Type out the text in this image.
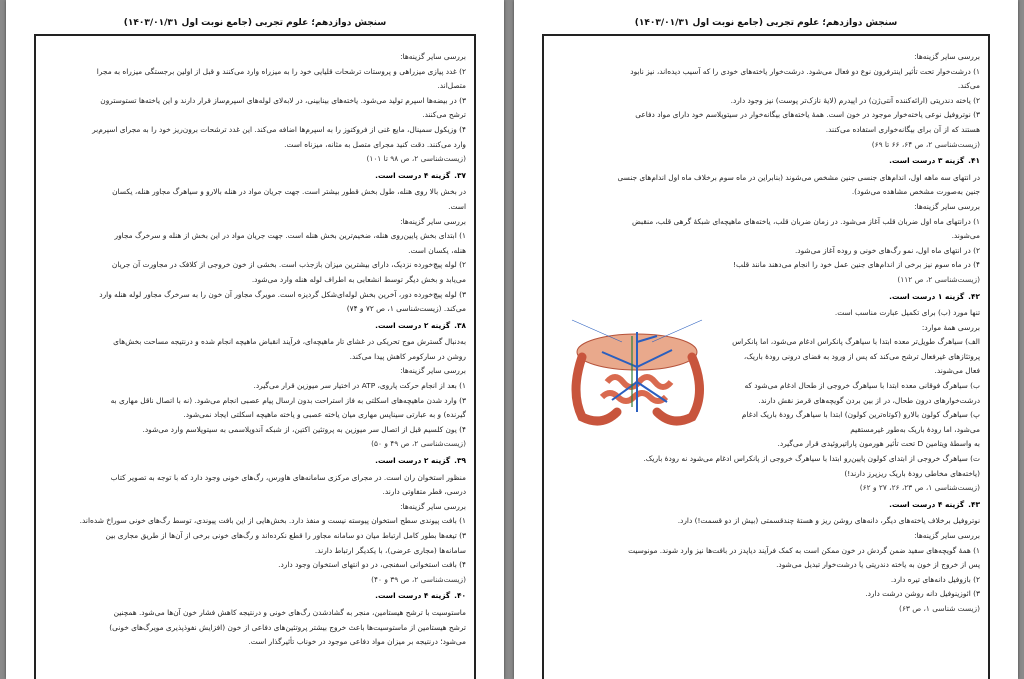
سنجش دوازدهم؛ علوم تجربی (جامع نوبت اول ۱۴۰۳/۰۱/۳۱)

بررسی سایر گزینه‌ها:

۲) غدد پیازی میزراهی و پروستات ترشحات قلیایی خود را به میزراه وارد می‌کنند و قبل از اولین برجستگی میزراه به مجرا

متصل‌اند.

۳) در بیضه‌ها اسپرم تولید می‌شود. یاخته‌های بینابینی، در لابه‌لای لوله‌های اسپرم‌ساز قرار دارند و این یاخته‌ها تستوسترون

ترشح می‌کنند.

۴) وزیکول سمینال، مایع غنی از فروکتوز را به اسپرم‌ها اضافه می‌کند. این غدد ترشحات برون‌ریز خود را به مجرای اسپرم‌بر

وارد می‌کنند. دقت کنید مجرای متصل به مثانه، میزناه است.

(زیست‌شناسی ۲، ص ۹۸ تا ۱۰۱)

۳۷.گزینه ۴ درست است.

در بخش بالا روی هنله، طول بخش قطور بیشتر است. جهت جریان مواد در هنله بالارو و سیاهرگ مجاور هنله، یکسان

است.

بررسی سایر گزینه‌ها:

۱) ابتدای بخش پایین‌روی هنله، ضخیم‌ترین بخش هنله است. جهت جریان مواد در این بخش از هنله و سرخرگ مجاور

هنله، یکسان است.

۲) لوله پیچ‌خورده نزدیک، دارای بیشترین میزان بازجذب است. بخشی از خون خروجی از کلافک در مجاورت آن جریان

می‌یابد و بخش دیگر توسط انشعابی به اطراف لوله هنله وارد می‌شود.

۳) لوله پیچ‌خورده دور، آخرین بخش لوله‌ای‌شکل گردیزه است. مویرگ مجاور آن خون را به سرخرگ مجاور لوله هنله وارد

می‌کند. (زیست‌شناسی ۱، ص ۷۲ و ۷۴)

۳۸.گزینه ۲ درست است.

به‌دنبال گسترش موج تحریکی در غشای تار ماهیچه‌ای، فرآیند انقباض ماهیچه انجام شده و درنتیجه مساحت بخش‌های

روشن در سارکومر کاهش پیدا می‌کند.

بررسی سایر گزینه‌ها:

۱) بعد از انجام حرکت پاروی، ATP در اختیار سر میوزین قرار می‌گیرد.

۳) وارد شدن ماهیچه‌های اسکلتی به فاز استراحت بدون ارسال پیام عصبی انجام می‌شود. (نه با اتصال ناقل مهاری به

گیرنده) و به عبارتی سیناپس مهاری میان یاخته عصبی و یاخته ماهیچه اسکلتی ایجاد نمی‌شود.

۴) یون کلسیم قبل از اتصال سر میوزین به پروتئین اکتین، از شبکه آندوپلاسمی به سیتوپلاسم وارد می‌شود.

(زیست‌شناسی ۲، ص ۴۹ و ۵۰)

۳۹.گزینه ۲ درست است.

منظور استخوان ران است. در مجرای مرکزی سامانه‌های هاورس، رگ‌های خونی وجود دارد که با توجه به تصویر کتاب

درسی، قطر متفاوتی دارند.

بررسی سایر گزینه‌ها:

۱) بافت پیوندی سطح استخوان پیوسته نیست و منفذ دارد. بخش‌هایی از این بافت پیوندی، توسط رگ‌های خونی سوراخ شده‌اند.

۳) تیغه‌ها بطور کامل ارتباط میان دو سامانه مجاور را قطع نکرده‌اند و رگ‌های خونی برخی از آن‌ها از طریق مجاری بین

سامانه‌ها (مجاری عرضی)، با یکدیگر ارتباط دارند.

۴) بافت استخوانی اسفنجی، در دو انتهای استخوان وجود دارد.

(زیست‌شناسی ۲، ص ۳۹ و ۴۰)

۴۰.گزینه ۴ درست است.

ماستوسیت با ترشح هیستامین، منجر به گشادشدن رگ‌های خونی و درنتیجه کاهش فشار خون آن‌ها می‌شود. همچنین

ترشح هیستامین از ماستوسیت‌ها باعث خروج بیشتر پروتئین‌های دفاعی از خون (افزایش نفوذپذیری مویرگ‌های خونی)

می‌شود؛ درنتیجه بر میزان مواد دفاعی موجود در خوناب تأثیرگذار است.

سنجش دوازدهم؛ علوم تجربی (جامع نوبت اول ۱۴۰۳/۰۱/۳۱)

بررسی سایر گزینه‌ها:

۱) درشت‌خوار تحت تأثیر اینترفرون نوع دو فعال می‌شود. درشت‌خوار یاخته‌های خودی را که آسیب دیده‌اند، نیز نابود

می‌کند.

۲) یاخته دندریتی (ارائه‌کننده آنتی‌ژن) در اپیدرم (لایۀ نازک‌تر پوست) نیز وجود دارد.

۳) نوتروفیل نوعی یاخته‌خوار موجود در خون است. همۀ یاخته‌های بیگانه‌خوار در سیتوپلاسم خود دارای مواد دفاعی

هستند که از آن برای بیگانه‌خواری استفاده می‌کنند.

(زیست‌شناسی ۲، ص ۶۴، ۶۶ تا ۶۹)

۴۱.گزینه ۳ درست است.

در انتهای سه ماهه اول، اندام‌های جنسی جنین مشخص می‌شوند (بنابراین در ماه سوم برخلاف ماه اول اندام‌های جنسی

جنین به‌صورت مشخص مشاهده می‌شود).

بررسی سایر گزینه‌ها:

۱) درانتهای ماه اول ضربان قلب آغاز می‌شود. در زمان ضربان قلب، یاخته‌های ماهیچه‌ای شبکۀ گرهی قلب، منقبض

می‌شوند.

۲) در انتهای ماه اول، نمو رگ‌های خونی و روده آغاز می‌شود.

۴) در ماه سوم نیز برخی از اندام‌های جنین عمل خود را انجام می‌دهند مانند قلب!

(زیست‌شناسی ۲، ص ۱۱۲)

۴۲.گزینه ۱ درست است.

تنها مورد (ب) برای تکمیل عبارت مناسب است.

بررسی همۀ موارد:

الف) سیاهرگ طویل‌تر معده ابتدا با سیاهرگ پانکراس ادغام می‌شود، اما پانکراس

پروتئازهای غیرفعال ترشح می‌کند که پس از ورود به فضای درونی رودۀ باریک،

فعال می‌شوند.

ب) سیاهرگ فوقانی معده ابتدا با سیاهرگ خروجی از طحال ادغام می‌شود که

درشت‌خوارهای درون طحال، در از بین بردن گویچه‌های قرمز نقش دارند.

پ) سیاهرگ کولون بالارو (کوتاه‌ترین کولون) ابتدا با سیاهرگ رودۀ باریک ادغام می‌شود، اما رودۀ باریک به‌طور غیرمستقیم

به واسطۀ ویتامین D تحت تأثیر هورمون پاراتیروئیدی قرار می‌گیرد.

ت) سیاهرگ خروجی از ابتدای کولون پایین‌رو ابتدا با سیاهرگ خروجی از پانکراس ادغام می‌شود نه رودۀ باریک.

(یاخته‌های مخاطی رودۀ باریک ریزپرز دارند!)

(زیست‌شناسی ۱، ص ۲۳، ۲۶، ۲۷ و ۶۲)

۴۳.گزینه ۴ درست است.

نوتروفیل برخلاف یاخته‌های دیگر، دانه‌های روشن ریز و هستۀ چندقسمتی (بیش از دو قسمت!) دارد.

بررسی سایر گزینه‌ها:

۱) همۀ گویچه‌های سفید ضمن گردش در خون ممکن است به کمک فرآیند دیاپدز در بافت‌ها نیز وارد شوند. مونوسیت

پس از خروج از خون به یاخته دندریتی یا درشت‌خوار تبدیل می‌شود.

۲) بازوفیل دانه‌های تیره دارد.

۳) ائوزینوفیل دانه روشن درشت دارد.

(زیست شناسی ۱، ص ۶۳)
